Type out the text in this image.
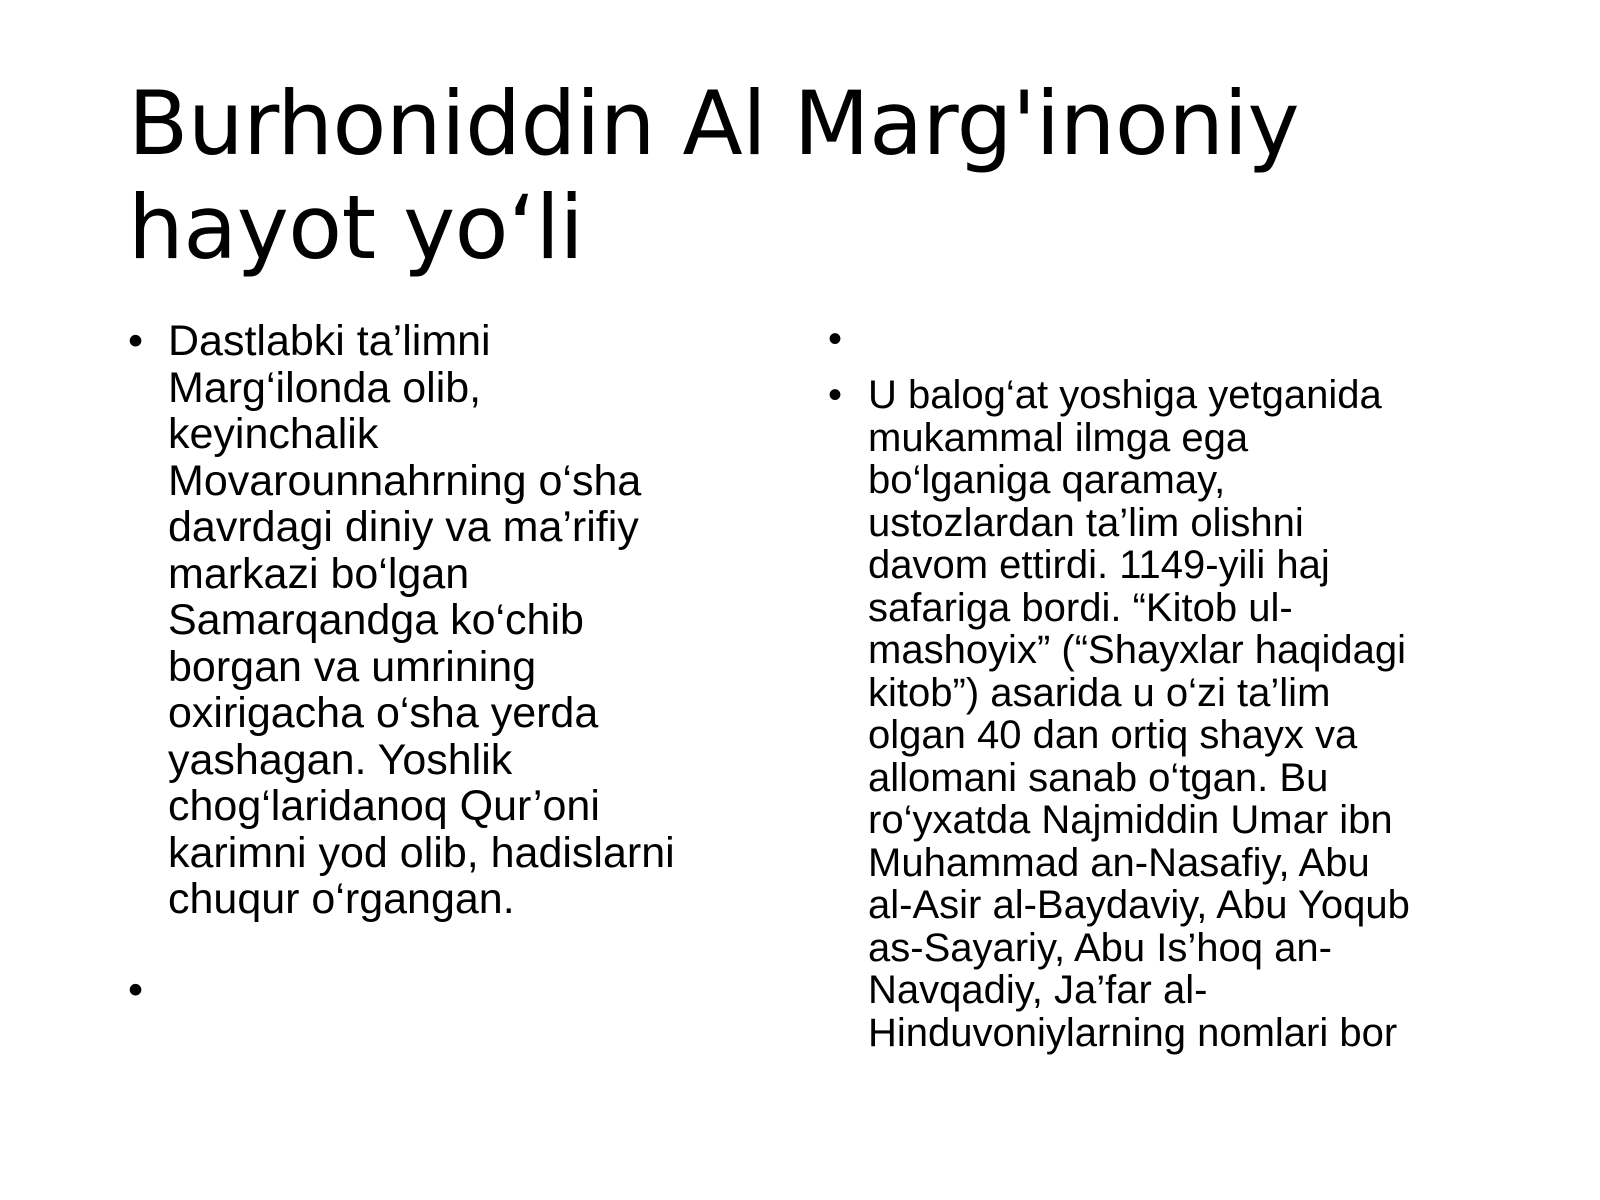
Burhoniddin Al Marg'inoniy
hayot yo‘li
• Dastlabki ta’limni
Marg‘ilonda olib,
keyinchalik
Movarounnahrning o‘sha
davrdagi diniy va ma’rifiy
markazi bo‘lgan
Samarqandga ko‘chib
borgan va umrining
oxirigacha o‘sha yerda
yashagan. Yoshlik
chog‘laridanoq Qur’oni
karimni yod olib, hadislarni
chuqur o‘rgangan.
•
•
• U balog‘at yoshiga yetganida
mukammal ilmga ega
bo‘lganiga qaramay,
ustozlardan ta’lim olishni
davom ettirdi. 1149-yili haj
safariga bordi. “Kitob ul-
mashoyix” (“Shayxlar haqidagi
kitob”) asarida u o‘zi ta’lim
olgan 40 dan ortiq shayx va
allomani sanab o‘tgan. Bu
ro‘yxatda Najmiddin Umar ibn
Muhammad an-Nasafiy, Abu
al-Asir al-Baydaviy, Abu Yoqub
as-Sayariy, Abu Is’hoq an-
Navqadiy, Ja’far al-
Hinduvoniylarning nomlari bor
